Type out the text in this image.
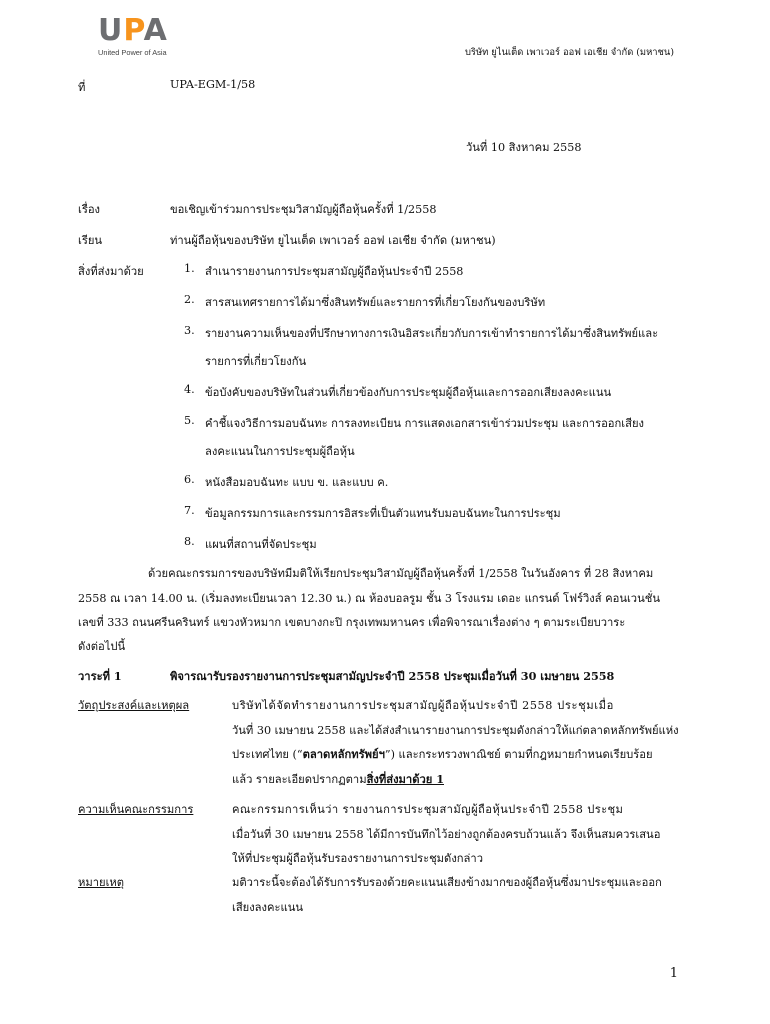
UPA
United Power of Asia	บริษัท ยูไนเต็ด เพาเวอร์ ออฟ เอเชีย จำกัด (มหาชน)
ที่	UPA-EGM-1/58
วันที่ 10 สิงหาคม 2558
เรื่อง	ขอเชิญเข้าร่วมการประชุมวิสามัญผู้ถือหุ้นครั้งที่ 1/2558
เรียน	ท่านผู้ถือหุ้นของบริษัท ยูไนเต็ด เพาเวอร์ ออฟ เอเชีย จำกัด (มหาชน)
สิ่งที่ส่งมาด้วย	1. สำเนารายงานการประชุมสามัญผู้ถือหุ้นประจำปี 2558
2. สารสนเทศรายการได้มาซึ่งสินทรัพย์และรายการที่เกี่ยวโยงกันของบริษัท
3. รายงานความเห็นของที่ปรึกษาทางการเงินอิสระเกี่ยวกับการเข้าทำรายการได้มาซึ่งสินทรัพย์และ
รายการที่เกี่ยวโยงกัน
4. ข้อบังคับของบริษัทในส่วนที่เกี่ยวข้องกับการประชุมผู้ถือหุ้นและการออกเสียงลงคะแนน
5. คำชี้แจงวิธีการมอบฉันทะ การลงทะเบียน การแสดงเอกสารเข้าร่วมประชุม และการออกเสียง
ลงคะแนนในการประชุมผู้ถือหุ้น
6. หนังสือมอบฉันทะ แบบ ข. และแบบ ค.
7. ข้อมูลกรรมการและกรรมการอิสระที่เป็นตัวแทนรับมอบฉันทะในการประชุม
8. แผนที่สถานที่จัดประชุม
ด้วยคณะกรรมการของบริษัทมีมติให้เรียกประชุมวิสามัญผู้ถือหุ้นครั้งที่ 1/2558 ในวันอังคาร ที่ 28 สิงหาคม
2558 ณ เวลา 14.00 น. (เริ่มลงทะเบียนเวลา 12.30 น.) ณ ห้องบอลรูม ชั้น 3 โรงแรม เดอะ แกรนด์ โฟร์วิงส์ คอนเวนชั่น
เลขที่ 333 ถนนศรีนครินทร์ แขวงหัวหมาก เขตบางกะปิ กรุงเทพมหานคร เพื่อพิจารณาเรื่องต่าง ๆ ตามระเบียบวาระ
ดังต่อไปนี้
วาระที่ 1	พิจารณารับรองรายงานการประชุมสามัญประจำปี 2558 ประชุมเมื่อวันที่ 30 เมษายน 2558
วัตถุประสงค์และเหตุผล	บริษัทได้จัดทำรายงานการประชุมสามัญผู้ถือหุ้นประจำปี 2558 ประชุมเมื่อ
วันที่ 30 เมษายน 2558 และได้ส่งสำเนารายงานการประชุมดังกล่าวให้แก่ตลาดหลักทรัพย์แห่ง
ประเทศไทย (“ตลาดหลักทรัพย์ฯ”) และกระทรวงพาณิชย์ ตามที่กฎหมายกำหนดเรียบร้อย
แล้ว รายละเอียดปรากฏตามสิ่งที่ส่งมาด้วย 1
ความเห็นคณะกรรมการ	คณะกรรมการเห็นว่า รายงานการประชุมสามัญผู้ถือหุ้นประจำปี 2558 ประชุม
เมื่อวันที่ 30 เมษายน 2558 ได้มีการบันทึกไว้อย่างถูกต้องครบถ้วนแล้ว จึงเห็นสมควรเสนอ
ให้ที่ประชุมผู้ถือหุ้นรับรองรายงานการประชุมดังกล่าว
หมายเหตุ	มติวาระนี้จะต้องได้รับการรับรองด้วยคะแนนเสียงข้างมากของผู้ถือหุ้นซึ่งมาประชุมและออก
เสียงลงคะแนน
1
